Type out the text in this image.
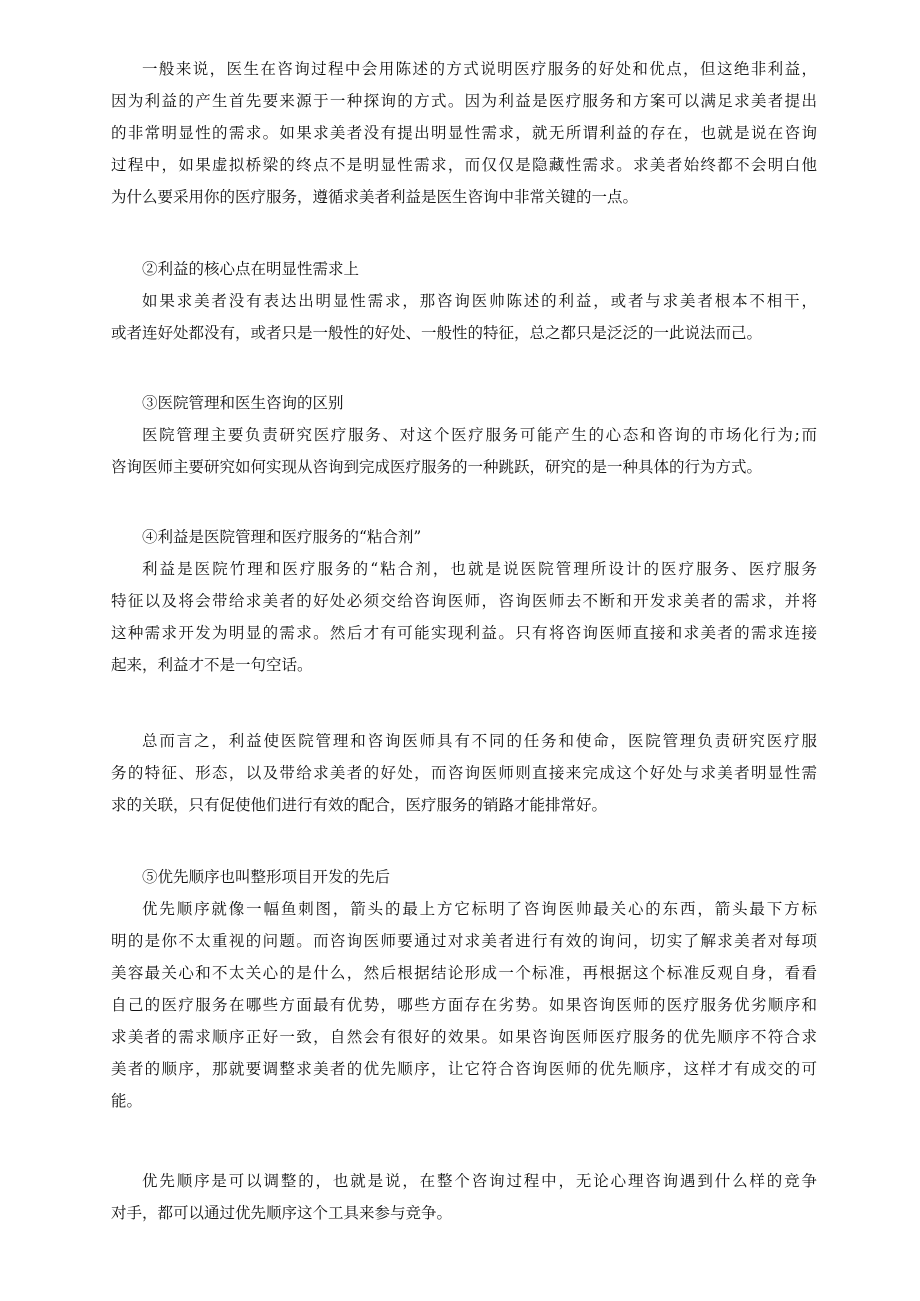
一般来说，医生在咨询过程中会用陈述的方式说明医疗服务的好处和优点，但这绝非利益，
因为利益的产生首先要来源于一种探询的方式。因为利益是医疗服务和方案可以满足求美者提出
的非常明显性的需求。如果求美者没有提出明显性需求，就无所谓利益的存在，也就是说在咨询
过程中，如果虚拟桥梁的终点不是明显性需求，而仅仅是隐藏性需求。求美者始终都不会明白他
为什么要采用你的医疗服务，遵循求美者利益是医生咨询中非常关键的一点。
②利益的核心点在明显性需求上
如果求美者没有表达出明显性需求，那咨询医帅陈述的利益，或者与求美者根本不相干，
或者连好处都没有，或者只是一般性的好处、一般性的特征，总之都只是泛泛的一此说法而己。
③医院管理和医生咨询的区别
医院管理主要负责研究医疗服务、对这个医疗服务可能产生的心态和咨询的市场化行为;而
咨询医师主要研究如何实现从咨询到完成医疗服务的一种跳跃，研究的是一种具体的行为方式。
④利益是医院管理和医疗服务的“粘合剂”
利益是医院竹理和医疗服务的“粘合剂，也就是说医院管理所设计的医疗服务、医疗服务
特征以及将会带给求美者的好处必须交给咨询医师，咨询医师去不断和开发求美者的需求，并将
这种需求开发为明显的需求。然后才有可能实现利益。只有将咨询医师直接和求美者的需求连接
起来，利益才不是一句空话。
总而言之，利益使医院管理和咨询医师具有不同的任务和使命，医院管理负责研究医疗服
务的特征、形态，以及带给求美者的好处，而咨询医师则直接来完成这个好处与求美者明显性需
求的关联，只有促使他们进行有效的配合，医疗服务的销路才能排常好。
⑤优先顺序也叫整形项目开发的先后
优先顺序就像一幅鱼刺图，箭头的最上方它标明了咨询医帅最关心的东西，箭头最下方标
明的是你不太重视的问题。而咨询医师要通过对求美者进行有效的询问，切实了解求美者对每项
美容最关心和不太关心的是什么，然后根据结论形成一个标准，再根据这个标准反观自身，看看
自己的医疗服务在哪些方面最有优势，哪些方面存在劣势。如果咨询医师的医疗服务优劣顺序和
求美者的需求顺序正好一致，自然会有很好的效果。如果咨询医师医疗服务的优先顺序不符合求
美者的顺序，那就要调整求美者的优先顺序，让它符合咨询医师的优先顺序，这样才有成交的可
能。
优先顺序是可以调整的，也就是说，在整个咨询过程中，无论心理咨询遇到什么样的竞争
对手，都可以通过优先顺序这个工具来参与竞争。
